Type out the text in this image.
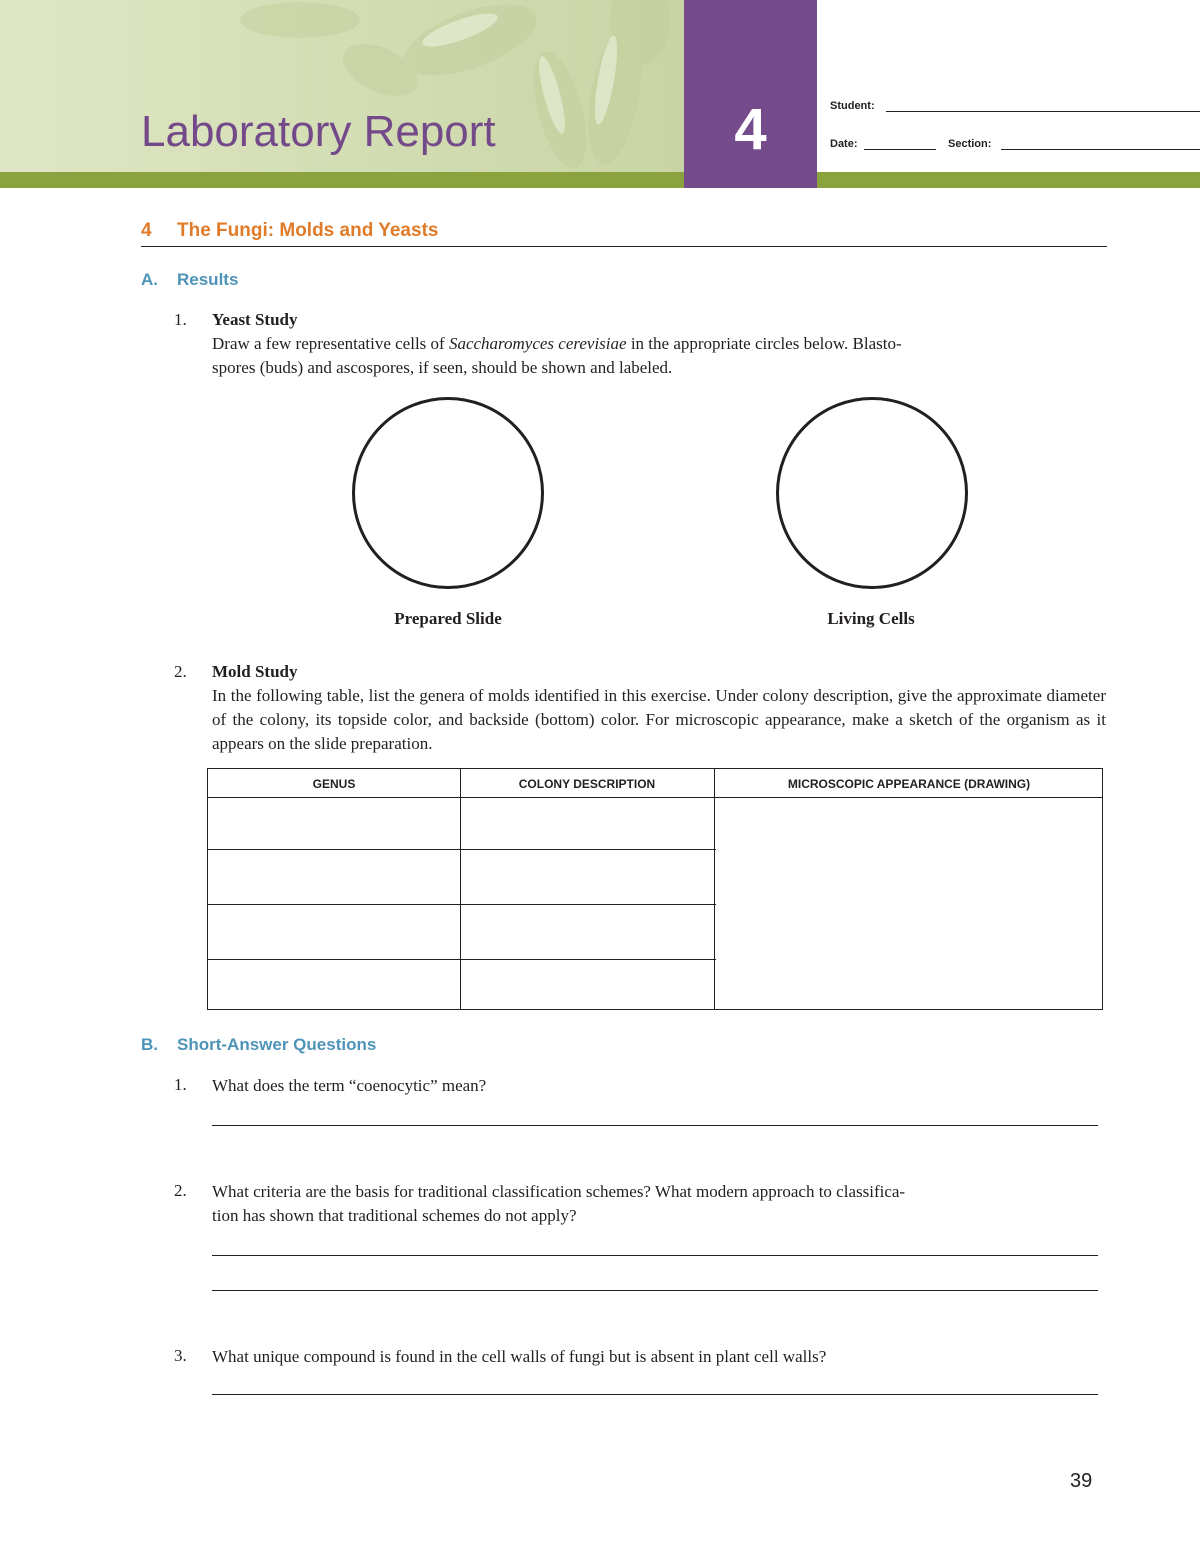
Laboratory Report	4	Student:
Date:	Section:
4 The Fungi: Molds and Yeasts
A. Results
1. Yeast Study
Draw a few representative cells of Saccharomyces cerevisiae in the appropriate circles below. Blasto-
spores (buds) and ascospores, if seen, should be shown and labeled.
Prepared Slide	Living Cells
2. Mold Study
In the following table, list the genera of molds identified in this exercise. Under colony description, give the approximate diameter of the colony, its topside color, and backside (bottom) color. For microscopic appearance, make a sketch of the organism as it appears on the slide preparation.
GENUS	COLONY DESCRIPTION	MICROSCOPIC APPEARANCE (DRAWING)
B. Short-Answer Questions
1. What does the term “coenocytic” mean?
2. What criteria are the basis for traditional classification schemes? What modern approach to classifica-
tion has shown that traditional schemes do not apply?
3. What unique compound is found in the cell walls of fungi but is absent in plant cell walls?
39
